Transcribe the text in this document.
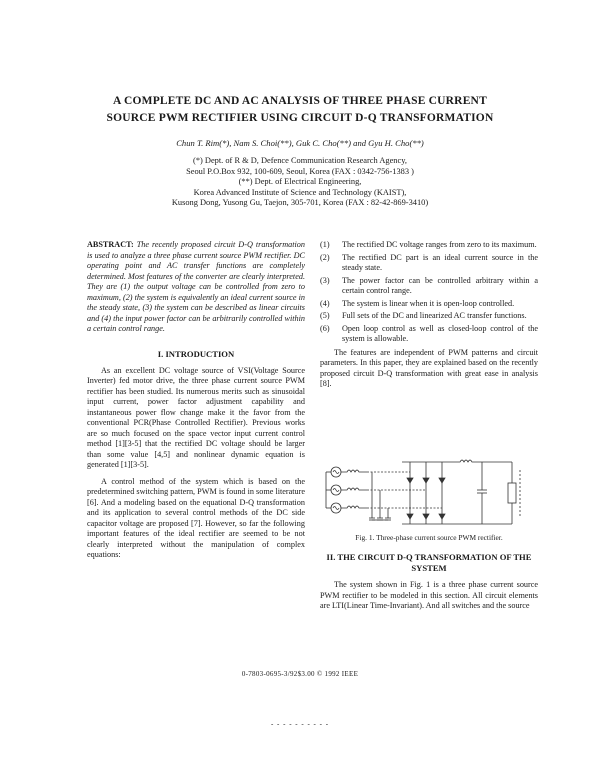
A COMPLETE DC AND AC ANALYSIS OF THREE PHASE CURRENT
SOURCE PWM RECTIFIER USING CIRCUIT D-Q TRANSFORMATION
Chun T. Rim(*), Nam S. Choi(**), Guk C. Cho(**) and Gyu H. Cho(**)
(*) Dept. of R & D, Defence Communication Research Agency,
Seoul P.O.Box 932, 100-609, Seoul, Korea (FAX : 0342-756-1383 )
(**) Dept. of Electrical Engineering,
Korea Advanced Institute of Science and Technology (KAIST),
Kusong Dong, Yusong Gu, Taejon, 305-701, Korea (FAX : 82-42-869-3410)
ABSTRACT: The recently proposed circuit D-Q transformation is used to analyze a three phase current source PWM rectifier. DC operating point and AC transfer functions are completely determined. Most features of the converter are clearly interpreted. They are (1) the output voltage can be controlled from zero to maximum, (2) the system is equivalently an ideal current source in the steady state, (3) the system can be described as linear circuits and (4) the input power factor can be arbitrarily controlled within a certain control range.
I. INTRODUCTION
As an excellent DC voltage source of VSI(Voltage Source Inverter) fed motor drive, the three phase current source PWM rectifier has been studied. Its numerous merits such as sinusoidal input current, power factor adjustment capability and instantaneous power flow change make it the favor from the conventional PCR(Phase Controlled Rectifier). Previous works are so much focused on the space vector input current control method [1][3-5] that the rectified DC voltage should be larger than some value [4,5] and nonlinear dynamic equation is generated [1][3-5].
A control method of the system which is based on the predetermined switching pattern, PWM is found in some literature [6]. And a modeling based on the equational D-Q transformation and its application to several control methods of the DC side capacitor voltage are proposed [7]. However, so far the following important features of the ideal rectifier are seemed to be not clearly interpreted without the manipulation of complex equations:
(1) The rectified DC voltage ranges from zero to its maximum.
(2) The rectified DC part is an ideal current source in the steady state.
(3) The power factor can be controlled arbitrary within a certain control range.
(4) The system is linear when it is open-loop controlled.
(5) Full sets of the DC and linearized AC transfer functions.
(6) Open loop control as well as closed-loop control of the system is allowable.
The features are independent of PWM patterns and circuit parameters. In this paper, they are explained based on the recently proposed circuit D-Q transformation with great ease in analysis [8].
Fig. 1. Three-phase current source PWM rectifier.
II. THE CIRCUIT D-Q TRANSFORMATION OF THE SYSTEM
The system shown in Fig. 1 is a three phase current source PWM rectifier to be modeled in this section. All circuit elements are LTI(Linear Time-Invariant). And all switches and the source
0-7803-0695-3/92$3.00 © 1992 IEEE
- - - - - - - - - -
